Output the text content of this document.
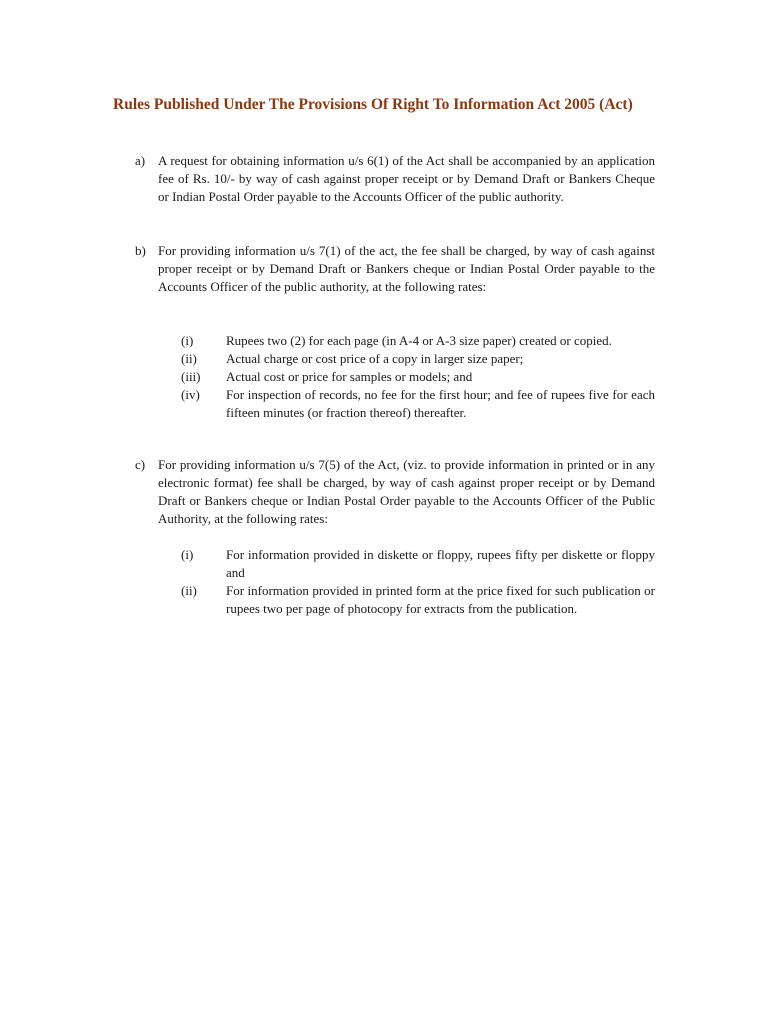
Rules Published Under The Provisions Of Right To Information Act 2005 (Act)
a) A request for obtaining information u/s 6(1) of the Act shall be accompanied by an application fee of Rs. 10/- by way of cash against proper receipt or by Demand Draft or Bankers Cheque or Indian Postal Order payable to the Accounts Officer of the public authority.
b) For providing information u/s 7(1) of the act, the fee shall be charged, by way of cash against proper receipt or by Demand Draft or Bankers cheque or Indian Postal Order payable to the Accounts Officer of the public authority, at the following rates:
(i)	Rupees two (2) for each page (in A-4 or A-3 size paper) created or copied.
(ii) Actual charge or cost price of a copy in larger size paper;
(iii) Actual cost or price for samples or models; and
(iv) For inspection of records, no fee for the first hour; and fee of rupees five for each fifteen minutes (or fraction thereof) thereafter.
c) For providing information u/s 7(5) of the Act, (viz. to provide information in printed or in any electronic format) fee shall be charged, by way of cash against proper receipt or by Demand Draft or Bankers cheque or Indian Postal Order payable to the Accounts Officer of the Public Authority, at the following rates:
(i)	For information provided in diskette or floppy, rupees fifty per diskette or floppy and
(ii) For information provided in printed form at the price fixed for such publication or rupees two per page of photocopy for extracts from the publication.
